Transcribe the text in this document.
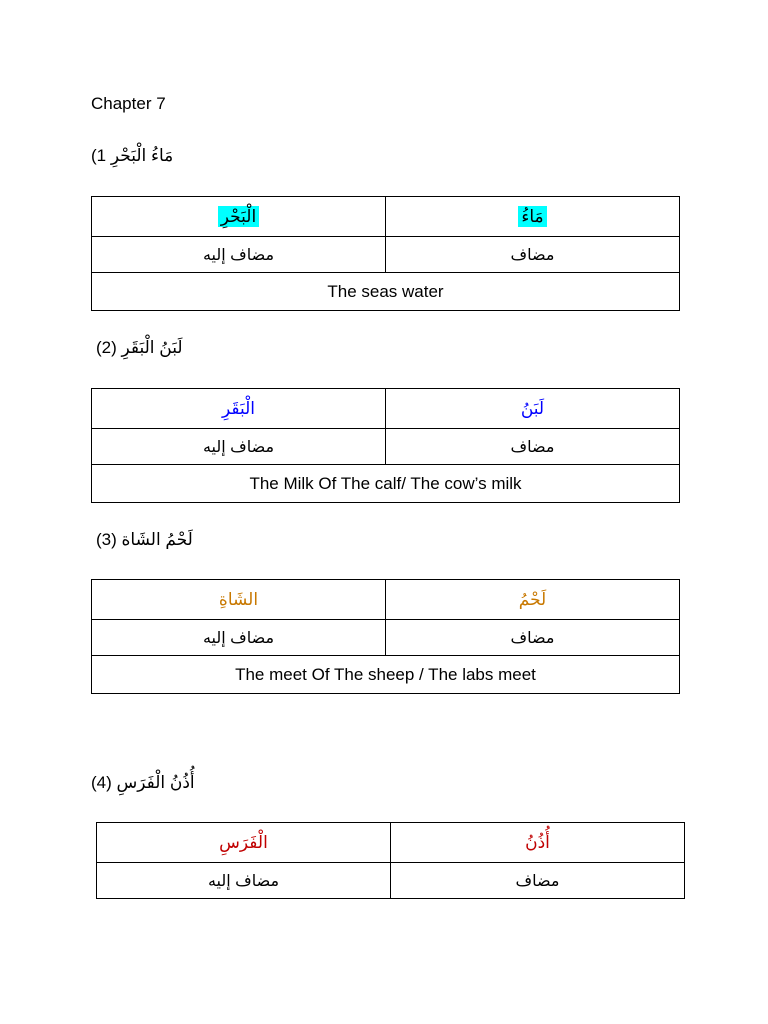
Chapter 7
(1 مَاءُ الْبَحْرِ
الْبَحْرِ	مَاءُ
مضاف إليه	مضاف
The seas water	
(2) لَبَنُ الْبَقَرِ
الْبَقَرِ	لَبَنُ
مضاف إليه	مضاف
The Milk Of The calf/ The cow’s milk	
(3) لَحْمُ الشَاة
الشَاةِ	لَحْمُ
مضاف إليه	مضاف
The meet Of The sheep / The labs meet	
(4) أُذُنُ الْفَرَسِ
الْفَرَسِ	أُذُنُ
مضاف إليه	مضاف
